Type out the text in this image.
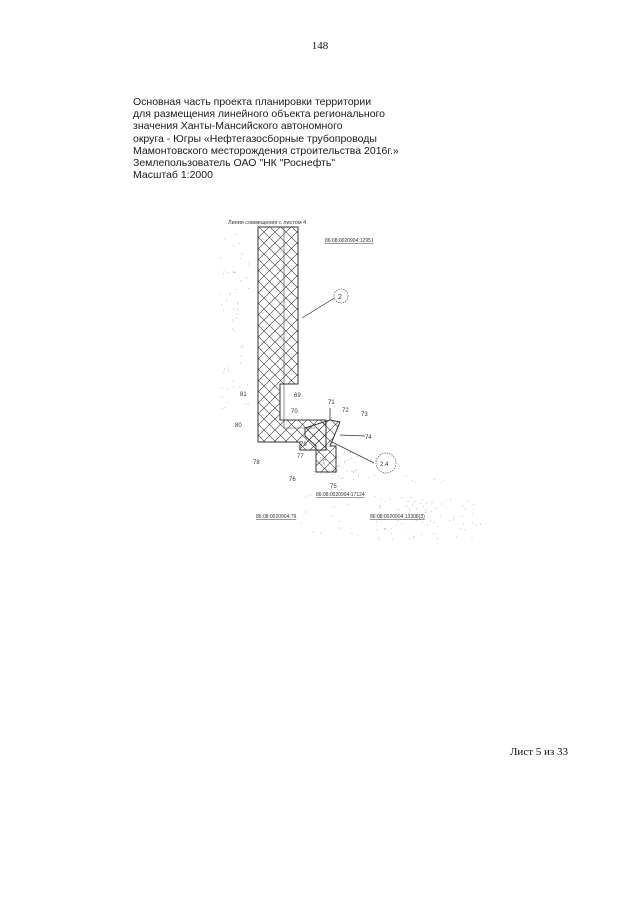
148
Основная часть проекта планировки территории
для размещения линейного объекта регионального
значения Ханты-Мансийского автономного
округа - Югры «Нефтегазосборные трубопроводы
Мамонтовского месторождения строительства 2016г.»
Землепользователь ОАО "НК "Роснефть"
Масштаб 1:2000
Линия совмещения с листом 4
86:08:0020904:12951
86:08:0020904:17124
86:08:0020904:79	86:08:0020904:13308(3)
2
2.4
81	69
70
71
72
73
74
80
79
77
78
76
75
Лист 5 из 33
